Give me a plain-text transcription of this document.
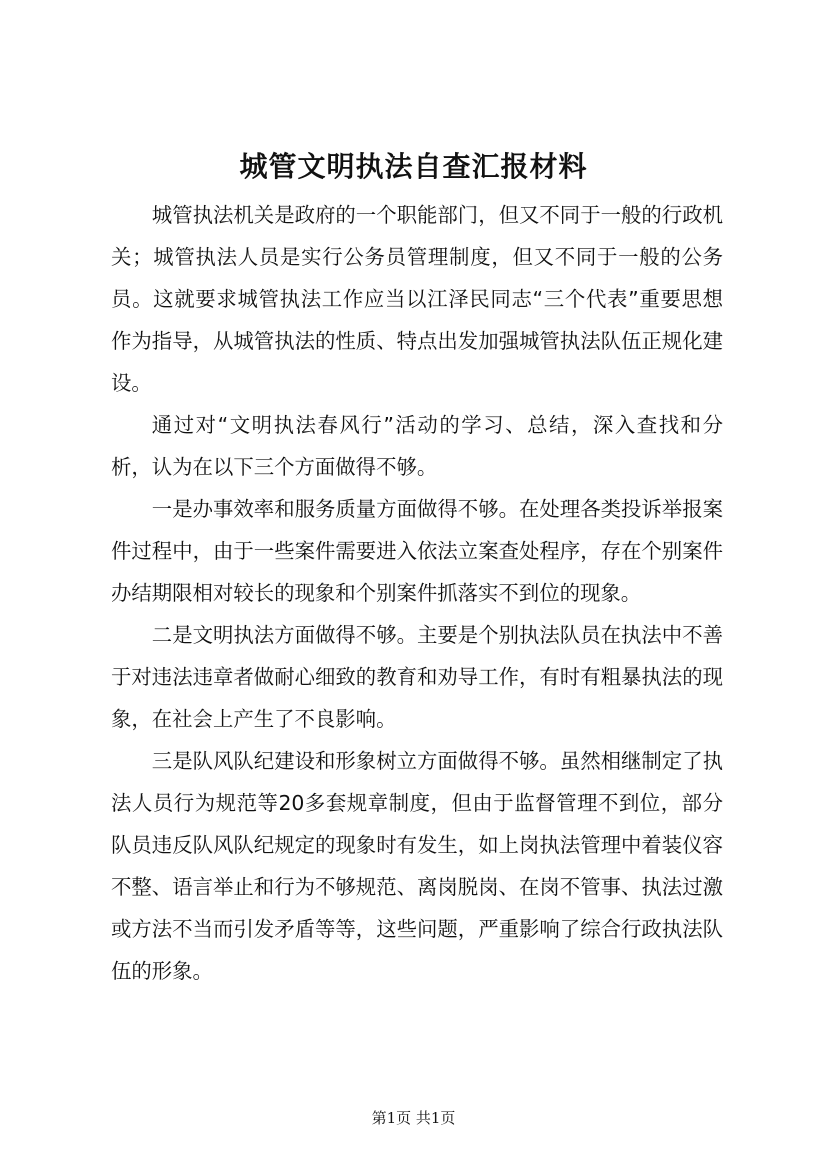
城管文明执法自查汇报材料

城管执法机关是政府的一个职能部门，但又不同于一般的行政机关；城管执法人员是实行公务员管理制度，但又不同于一般的公务员。这就要求城管执法工作应当以江泽民同志“三个代表”重要思想作为指导，从城管执法的性质、特点出发加强城管执法队伍正规化建设。

通过对“文明执法春风行”活动的学习、总结，深入查找和分析，认为在以下三个方面做得不够。

一是办事效率和服务质量方面做得不够。在处理各类投诉举报案件过程中，由于一些案件需要进入依法立案查处程序，存在个别案件办结期限相对较长的现象和个别案件抓落实不到位的现象。

二是文明执法方面做得不够。主要是个别执法队员在执法中不善于对违法违章者做耐心细致的教育和劝导工作，有时有粗暴执法的现象，在社会上产生了不良影响。

三是队风队纪建设和形象树立方面做得不够。虽然相继制定了执法人员行为规范等20多套规章制度，但由于监督管理不到位，部分队员违反队风队纪规定的现象时有发生，如上岗执法管理中着装仪容不整、语言举止和行为不够规范、离岗脱岗、在岗不管事、执法过激或方法不当而引发矛盾等等，这些问题，严重影响了综合行政执法队伍的形象。

第1页 共1页
